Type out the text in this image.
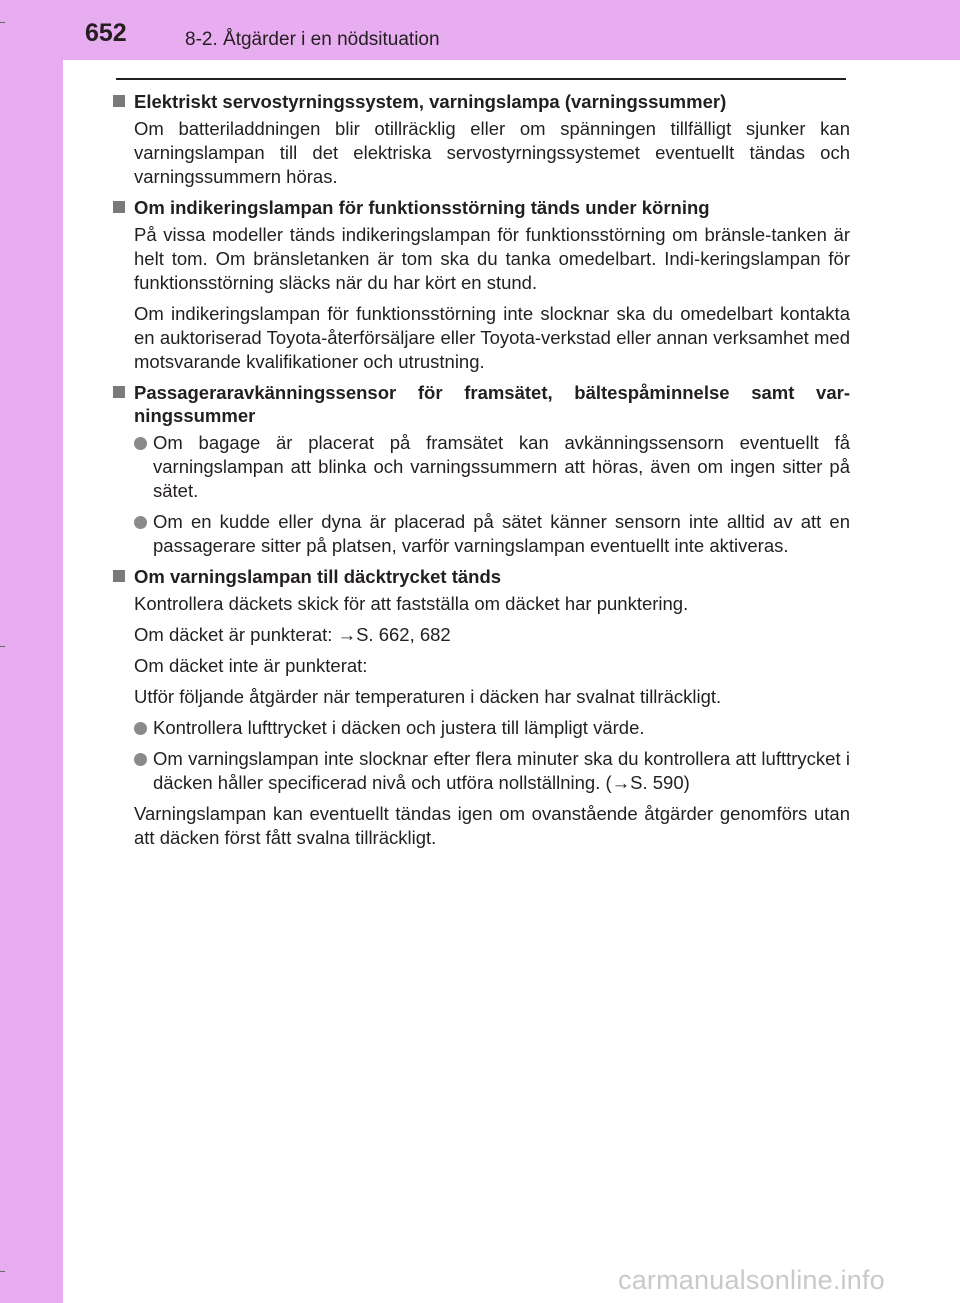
652	8-2. Åtgärder i en nödsituation
Elektriskt servostyrningssystem, varningslampa (varningssummer)
Om batteriladdningen blir otillräcklig eller om spänningen tillfälligt sjunker kan varningslampan till det elektriska servostyrningssystemet eventuellt tändas och varningssummern höras.
Om indikeringslampan för funktionsstörning tänds under körning
På vissa modeller tänds indikeringslampan för funktionsstörning om bränsle-tanken är helt tom. Om bränsletanken är tom ska du tanka omedelbart. Indi-keringslampan för funktionsstörning släcks när du har kört en stund.
Om indikeringslampan för funktionsstörning inte slocknar ska du omedelbart kontakta en auktoriserad Toyota-återförsäljare eller Toyota-verkstad eller annan verksamhet med motsvarande kvalifikationer och utrustning.
Passageraravkänningssensor för framsätet, bältespåminnelse samt var-ningssummer
Om bagage är placerat på framsätet kan avkänningssensorn eventuellt få varningslampan att blinka och varningssummern att höras, även om ingen sitter på sätet.
Om en kudde eller dyna är placerad på sätet känner sensorn inte alltid av att en passagerare sitter på platsen, varför varningslampan eventuellt inte aktiveras.
Om varningslampan till däcktrycket tänds
Kontrollera däckets skick för att fastställa om däcket har punktering.
Om däcket är punkterat: →S. 662, 682
Om däcket inte är punkterat:
Utför följande åtgärder när temperaturen i däcken har svalnat tillräckligt.
Kontrollera lufttrycket i däcken och justera till lämpligt värde.
Om varningslampan inte slocknar efter flera minuter ska du kontrollera att lufttrycket i däcken håller specificerad nivå och utföra nollställning. (→S. 590)
Varningslampan kan eventuellt tändas igen om ovanstående åtgärder genomförs utan att däcken först fått svalna tillräckligt.
carmanualsonline.info
